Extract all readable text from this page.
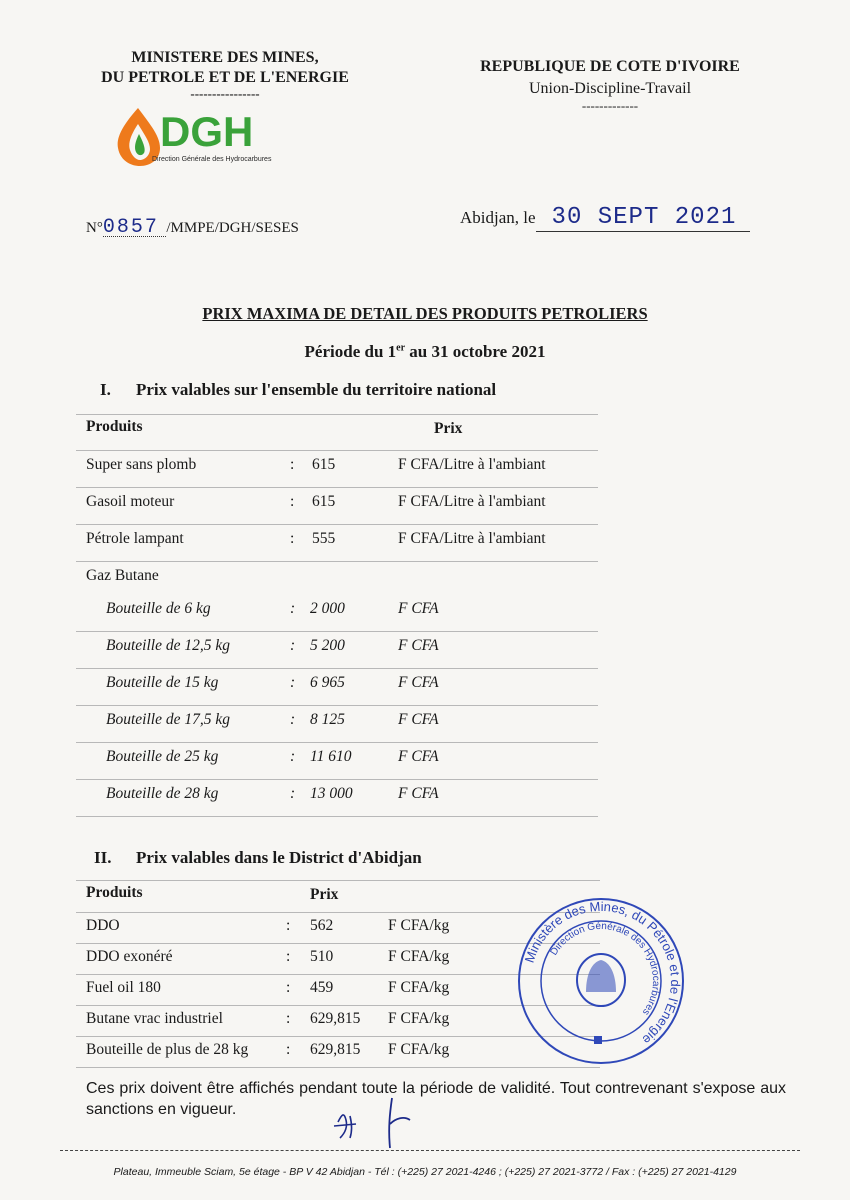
MINISTERE DES MINES,
DU PETROLE ET DE L'ENERGIE
----------------
REPUBLIQUE DE COTE D'IVOIRE
Union-Discipline-Travail
-------------
DGH
Direction Générale des Hydrocarbures
N°0857 /MMPE/DGH/SESES
Abidjan, le 30 SEPT 2021
PRIX MAXIMA DE DETAIL DES PRODUITS PETROLIERS
Période du 1er au 31 octobre 2021
I. Prix valables sur l'ensemble du territoire national
Produits	Prix
Super sans plomb	: 615	F CFA/Litre à l'ambiant
Gasoil moteur	: 615	F CFA/Litre à l'ambiant
Pétrole lampant	: 555	F CFA/Litre à l'ambiant
Gaz Butane
Bouteille de 6 kg	: 2 000	F CFA
Bouteille de 12,5 kg	: 5 200	F CFA
Bouteille de 15 kg	: 6 965	F CFA
Bouteille de 17,5 kg	: 8 125	F CFA
Bouteille de 25 kg	: 11 610	F CFA
Bouteille de 28 kg	: 13 000	F CFA
II. Prix valables dans le District d'Abidjan
Produits	Prix
DDO	: 562	F CFA/kg
DDO exonéré	: 510	F CFA/kg
Fuel oil 180	: 459	F CFA/kg
Butane vrac industriel	: 629,815 F CFA/kg
Bouteille de plus de 28 kg : 629,815 F CFA/kg
Ministère des Mines, du Pétrole et de l'Energie
Direction Générale des Hydrocarbures
Ces prix doivent être affichés pendant toute la période de validité. Tout contrevenant s'expose aux sanctions en vigueur.
Plateau, Immeuble Sciam, 5e étage - BP V 42 Abidjan - Tél : (+225) 27 2021-4246 ; (+225) 27 2021-3772 / Fax : (+225) 27 2021-4129
